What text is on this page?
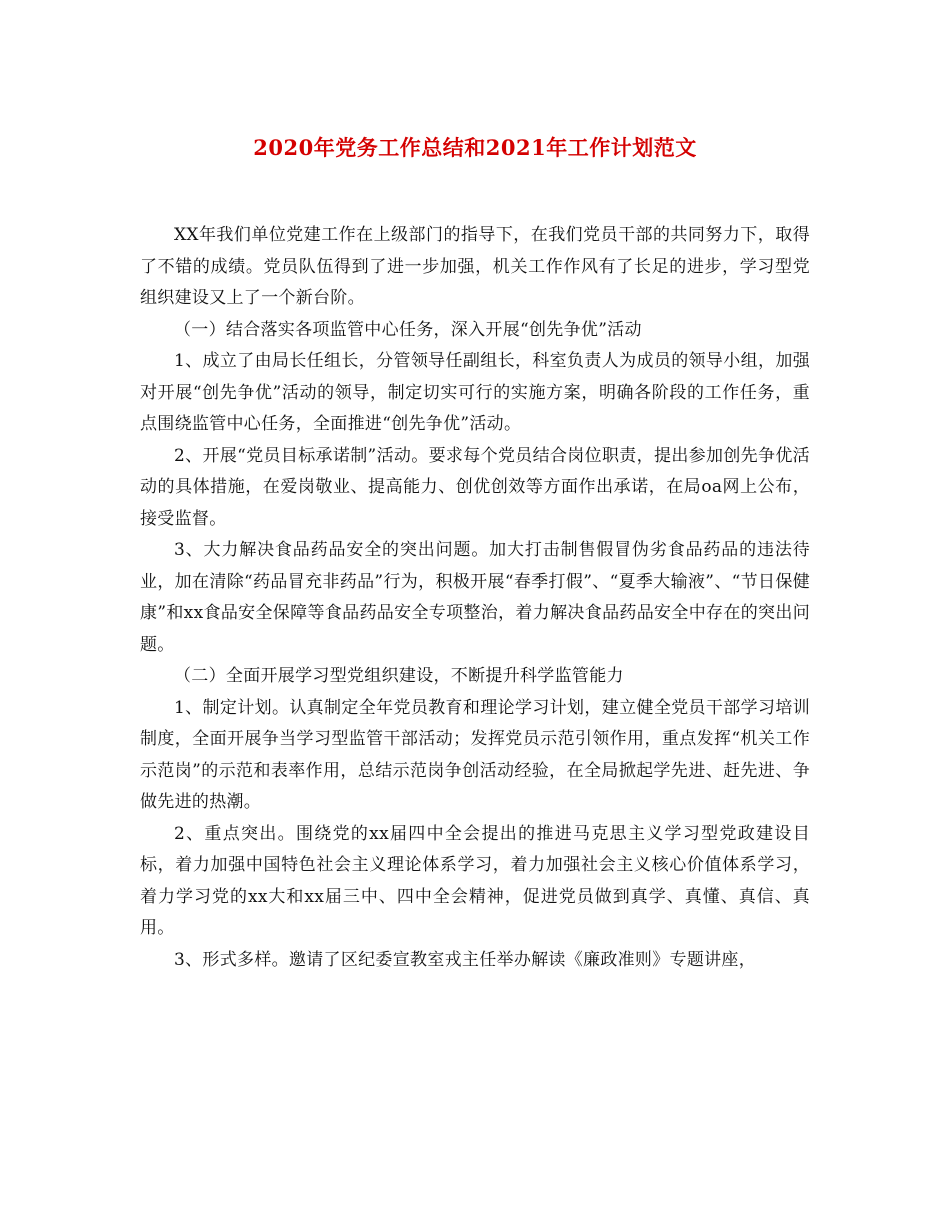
2020年党务工作总结和2021年工作计划范文

XX年我们单位党建工作在上级部门的指导下，在我们党员干部的共同努力下，取得了不错的成绩。党员队伍得到了进一步加强，机关工作作风有了长足的进步，学习型党组织建设又上了一个新台阶。

（一）结合落实各项监管中心任务，深入开展“创先争优”活动

1、成立了由局长任组长，分管领导任副组长，科室负责人为成员的领导小组，加强对开展“创先争优”活动的领导，制定切实可行的实施方案，明确各阶段的工作任务，重点围绕监管中心任务，全面推进“创先争优”活动。

2、开展“党员目标承诺制”活动。要求每个党员结合岗位职责，提出参加创先争优活动的具体措施，在爱岗敬业、提高能力、创优创效等方面作出承诺，在局oa网上公布，接受监督。

3、大力解决食品药品安全的突出问题。加大打击制售假冒伪劣食品药品的违法待业，加在清除“药品冒充非药品”行为，积极开展“春季打假”、“夏季大输液”、“节日保健康”和xx食品安全保障等食品药品安全专项整治，着力解决食品药品安全中存在的突出问题。

（二）全面开展学习型党组织建设，不断提升科学监管能力

1、制定计划。认真制定全年党员教育和理论学习计划，建立健全党员干部学习培训制度，全面开展争当学习型监管干部活动；发挥党员示范引领作用，重点发挥“机关工作示范岗”的示范和表率作用，总结示范岗争创活动经验，在全局掀起学先进、赶先进、争做先进的热潮。

2、重点突出。围绕党的xx届四中全会提出的推进马克思主义学习型党政建设目标，着力加强中国特色社会主义理论体系学习，着力加强社会主义核心价值体系学习，着力学习党的xx大和xx届三中、四中全会精神，促进党员做到真学、真懂、真信、真用。

3、形式多样。邀请了区纪委宣教室戎主任举办解读《廉政准则》专题讲座，
